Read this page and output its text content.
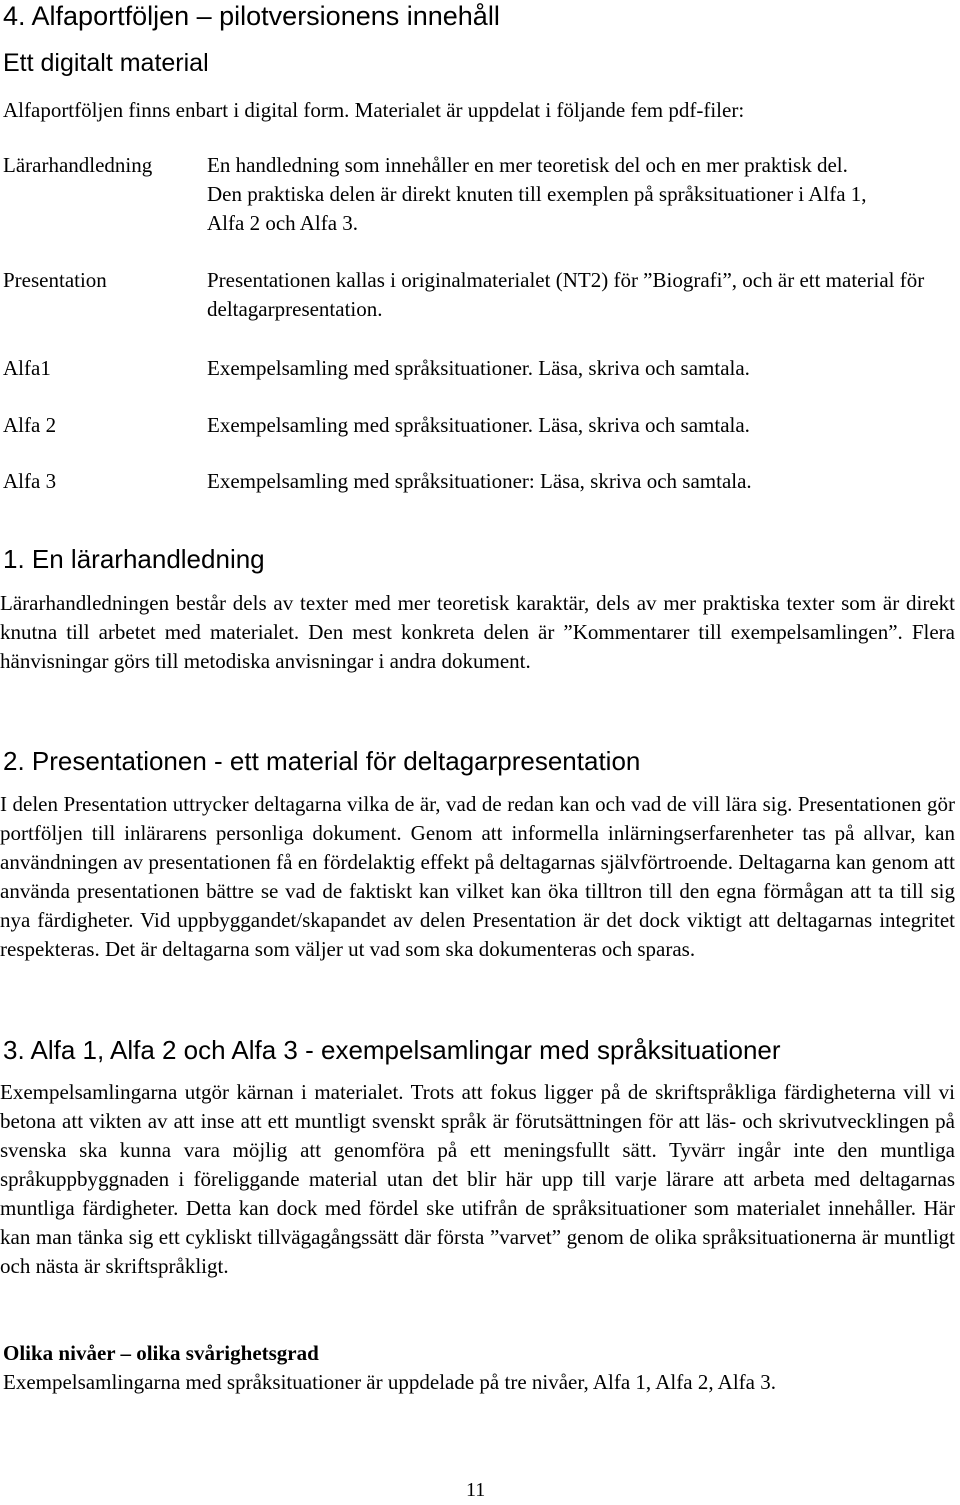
4. Alfaportföljen – pilotversionens innehåll
Ett digitalt material
Alfaportföljen finns enbart i digital form. Materialet är uppdelat i följande fem pdf-filer:
Lärarhandledning	En handledning som innehåller en mer teoretisk del och en mer praktisk del. Den praktiska delen är direkt knuten till exemplen på språksituationer i Alfa 1, Alfa 2 och Alfa 3.
Presentation	Presentationen kallas i originalmaterialet (NT2) för ”Biografi”, och är ett material för deltagarpresentation.
Alfa1	Exempelsamling med språksituationer. Läsa, skriva och samtala.
Alfa 2	Exempelsamling med språksituationer. Läsa, skriva och samtala.
Alfa 3	Exempelsamling med språksituationer: Läsa, skriva och samtala.
1. En lärarhandledning
Lärarhandledningen består dels av texter med mer teoretisk karaktär, dels av mer praktiska texter som är direkt knutna till arbetet med materialet. Den mest konkreta delen är ”Kommentarer till exempelsamlingen”. Flera hänvisningar görs till metodiska anvisningar i andra dokument.
2. Presentationen - ett material för deltagarpresentation
I delen Presentation uttrycker deltagarna vilka de är, vad de redan kan och vad de vill lära sig. Presentationen gör portföljen till inlärarens personliga dokument. Genom att informella inlärningserfarenheter tas på allvar, kan användningen av presentationen få en fördelaktig effekt på deltagarnas självförtroende. Deltagarna kan genom att använda presentationen bättre se vad de faktiskt kan vilket kan öka tilltron till den egna förmågan att ta till sig nya färdigheter. Vid uppbyggandet/skapandet av delen Presentation är det dock viktigt att deltagarnas integritet respekteras. Det är deltagarna som väljer ut vad som ska dokumenteras och sparas.
3. Alfa 1, Alfa 2 och Alfa 3 - exempelsamlingar med språksituationer
Exempelsamlingarna utgör kärnan i materialet. Trots att fokus ligger på de skriftspråkliga färdigheterna vill vi betona att vikten av att inse att ett muntligt svenskt språk är förutsättningen för att läs- och skrivutvecklingen på svenska ska kunna vara möjlig att genomföra på ett meningsfullt sätt. Tyvärr ingår inte den muntliga språkuppbyggnaden i föreliggande material utan det blir här upp till varje lärare att arbeta med deltagarnas muntliga färdigheter. Detta kan dock med fördel ske utifrån de språksituationer som materialet innehåller. Här kan man tänka sig ett cykliskt tillvägagångssätt där första ”varvet” genom de olika språksituationerna är muntligt och nästa är skriftspråkligt.
Olika nivåer – olika svårighetsgrad
Exempelsamlingarna med språksituationer är uppdelade på tre nivåer, Alfa 1, Alfa 2, Alfa 3.
11
